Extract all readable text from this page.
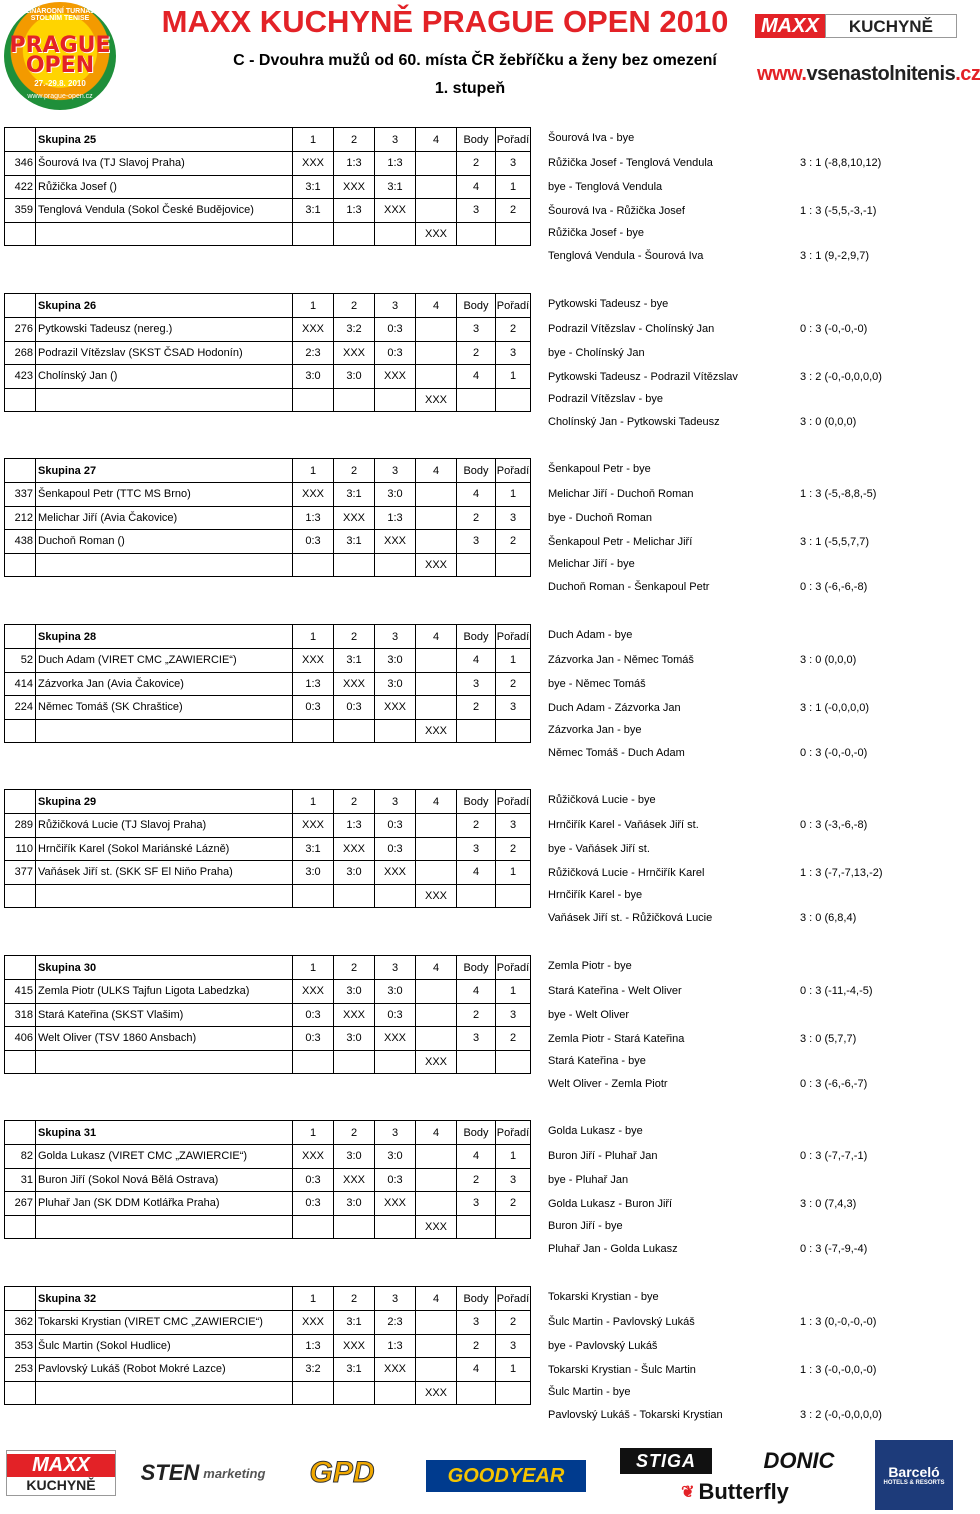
MEZINÁRODNÍ TURNAJ VE STOLNÍM TENISE
PRAGUE
OPEN
27.-29.8. 2010
www.prague-open.cz
MAXX KUCHYNĚ PRAGUE OPEN 2010
C - Dvouhra mužů od 60. místa ČR žebříčku a ženy bez omezení
1. stupeň
MAXX	KUCHYNĚ
www.vsenastolnitenis.cz
	Skupina 25	1	2	3	4	Body	Pořadí
346	Šourová Iva (TJ Slavoj Praha)	XXX	1:3	1:3		2	3
422	Růžička Josef ()	3:1	XXX	3:1		4	1
359	Tenglová Vendula (Sokol České Budějovice)	3:1	1:3	XXX		3	2
					XXX		
Šourová Iva - bye
Růžička Josef - Tenglová Vendula	3 : 1 (-8,8,10,12)
bye - Tenglová Vendula
Šourová Iva - Růžička Josef	1 : 3 (-5,5,-3,-1)
Růžička Josef - bye
Tenglová Vendula - Šourová Iva	3 : 1 (9,-2,9,7)
	Skupina 26	1	2	3	4	Body	Pořadí
276	Pytkowski Tadeusz (nereg.)	XXX	3:2	0:3		3	2
268	Podrazil Vítězslav (SKST ČSAD Hodonín)	2:3	XXX	0:3		2	3
423	Cholínský Jan ()	3:0	3:0	XXX		4	1
					XXX		
Pytkowski Tadeusz - bye
Podrazil Vítězslav - Cholínský Jan	0 : 3 (-0,-0,-0)
bye - Cholínský Jan
Pytkowski Tadeusz - Podrazil Vítězslav	3 : 2 (-0,-0,0,0,0)
Podrazil Vítězslav - bye
Cholínský Jan - Pytkowski Tadeusz	3 : 0 (0,0,0)
	Skupina 27	1	2	3	4	Body	Pořadí
337	Šenkapoul Petr (TTC MS Brno)	XXX	3:1	3:0		4	1
212	Melichar Jiří (Avia Čakovice)	1:3	XXX	1:3		2	3
438	Duchoň Roman ()	0:3	3:1	XXX		3	2
					XXX		
Šenkapoul Petr - bye
Melichar Jiří - Duchoň Roman	1 : 3 (-5,-8,8,-5)
bye - Duchoň Roman
Šenkapoul Petr - Melichar Jiří	3 : 1 (-5,5,7,7)
Melichar Jiří - bye
Duchoň Roman - Šenkapoul Petr	0 : 3 (-6,-6,-8)
	Skupina 28	1	2	3	4	Body	Pořadí
52	Duch Adam (VIRET CMC „ZAWIERCIE“)	XXX	3:1	3:0		4	1
414	Zázvorka Jan (Avia Čakovice)	1:3	XXX	3:0		3	2
224	Němec Tomáš (SK Chraštice)	0:3	0:3	XXX		2	3
					XXX		
Duch Adam - bye
Zázvorka Jan - Němec Tomáš	3 : 0 (0,0,0)
bye - Němec Tomáš
Duch Adam - Zázvorka Jan	3 : 1 (-0,0,0,0)
Zázvorka Jan - bye
Němec Tomáš - Duch Adam	0 : 3 (-0,-0,-0)
	Skupina 29	1	2	3	4	Body	Pořadí
289	Růžičková Lucie (TJ Slavoj Praha)	XXX	1:3	0:3		2	3
110	Hrnčiřík Karel (Sokol Mariánské Lázně)	3:1	XXX	0:3		3	2
377	Vaňásek Jiří st. (SKK SF El Niňo Praha)	3:0	3:0	XXX		4	1
					XXX		
Růžičková Lucie - bye
Hrnčiřík Karel - Vaňásek Jiří st.	0 : 3 (-3,-6,-8)
bye - Vaňásek Jiří st.
Růžičková Lucie - Hrnčiřík Karel	1 : 3 (-7,-7,13,-2)
Hrnčiřík Karel - bye
Vaňásek Jiří st. - Růžičková Lucie	3 : 0 (6,8,4)
	Skupina 30	1	2	3	4	Body	Pořadí
415	Zemla Piotr (ULKS Tajfun Ligota Labedzka)	XXX	3:0	3:0		4	1
318	Stará Kateřina (SKST Vlašim)	0:3	XXX	0:3		2	3
406	Welt Oliver (TSV 1860 Ansbach)	0:3	3:0	XXX		3	2
					XXX		
Zemla Piotr - bye
Stará Kateřina - Welt Oliver	0 : 3 (-11,-4,-5)
bye - Welt Oliver
Zemla Piotr - Stará Kateřina	3 : 0 (5,7,7)
Stará Kateřina - bye
Welt Oliver - Zemla Piotr	0 : 3 (-6,-6,-7)
	Skupina 31	1	2	3	4	Body	Pořadí
82	Golda Lukasz (VIRET CMC „ZAWIERCIE“)	XXX	3:0	3:0		4	1
31	Buron Jiří (Sokol Nová Bělá Ostrava)	0:3	XXX	0:3		2	3
267	Pluhař Jan (SK DDM Kotlářka Praha)	0:3	3:0	XXX		3	2
					XXX		
Golda Lukasz - bye
Buron Jiří - Pluhař Jan	0 : 3 (-7,-7,-1)
bye - Pluhař Jan
Golda Lukasz - Buron Jiří	3 : 0 (7,4,3)
Buron Jiří - bye
Pluhař Jan - Golda Lukasz	0 : 3 (-7,-9,-4)
	Skupina 32	1	2	3	4	Body	Pořadí
362	Tokarski Krystian (VIRET CMC „ZAWIERCIE“)	XXX	3:1	2:3		3	2
353	Šulc Martin (Sokol Hudlice)	1:3	XXX	1:3		2	3
253	Pavlovský Lukáš (Robot Mokré Lazce)	3:2	3:1	XXX		4	1
					XXX		
Tokarski Krystian - bye
Šulc Martin - Pavlovský Lukáš	1 : 3 (0,-0,-0,-0)
bye - Pavlovský Lukáš
Tokarski Krystian - Šulc Martin	1 : 3 (-0,-0,0,-0)
Šulc Martin - bye
Pavlovský Lukáš - Tokarski Krystian	3 : 2 (-0,-0,0,0,0)
MAXX
KUCHYNĚ STEN marketing GPD	GOODYEAR
STIGA	DONIC
❦ Butterfly
Barceló
HOTELS & RESORTS
